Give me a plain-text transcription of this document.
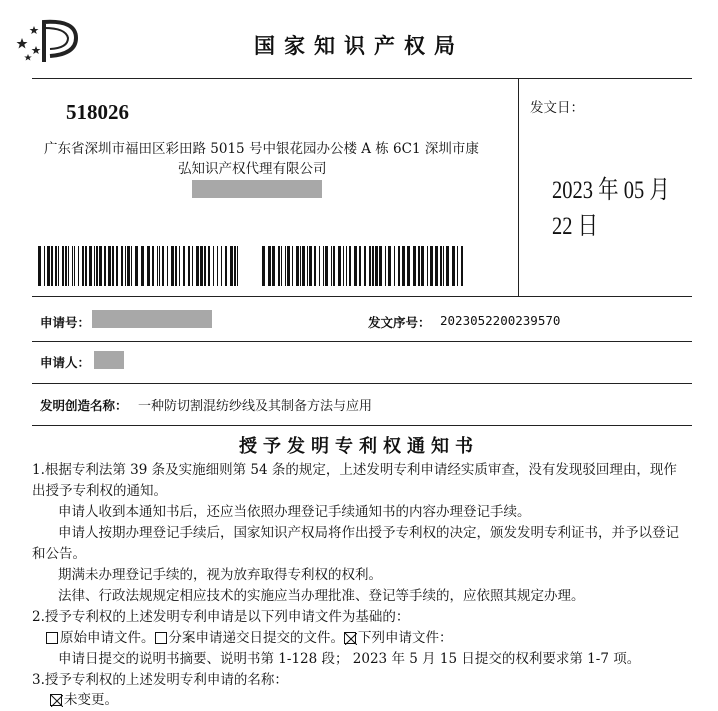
国家知识产权局
518026
广东省深圳市福田区彩田路 5015 号中银花园办公楼 A 栋 6C1 深圳市康
弘知识产权代理有限公司
发文日：
2023 年 05 月 22 日
申请号：	发文序号： 2023052200239570
申请人：
发明创造名称： 一种防切割混纺纱线及其制备方法与应用
授予发明专利权通知书

1.根据专利法第 39 条及实施细则第 54 条的规定，上述发明专利申请经实质审查，没有发现驳回理由，现作

出授予专利权的通知。

申请人收到本通知书后，还应当依照办理登记手续通知书的内容办理登记手续。

申请人按期办理登记手续后，国家知识产权局将作出授予专利权的决定，颁发发明专利证书，并予以登记

和公告。

期满未办理登记手续的，视为放弃取得专利权的权利。

法律、行政法规规定相应技术的实施应当办理批准、登记等手续的，应依照其规定办理。

2.授予专利权的上述发明专利申请是以下列申请文件为基础的：

原始申请文件。 分案申请递交日提交的文件。 下列申请文件：

申请日提交的说明书摘要、说明书第 1-128 段； 2023 年 5 月 15 日提交的权利要求第 1-7 项。

3.授予专利权的上述发明专利申请的名称：

未变更。
